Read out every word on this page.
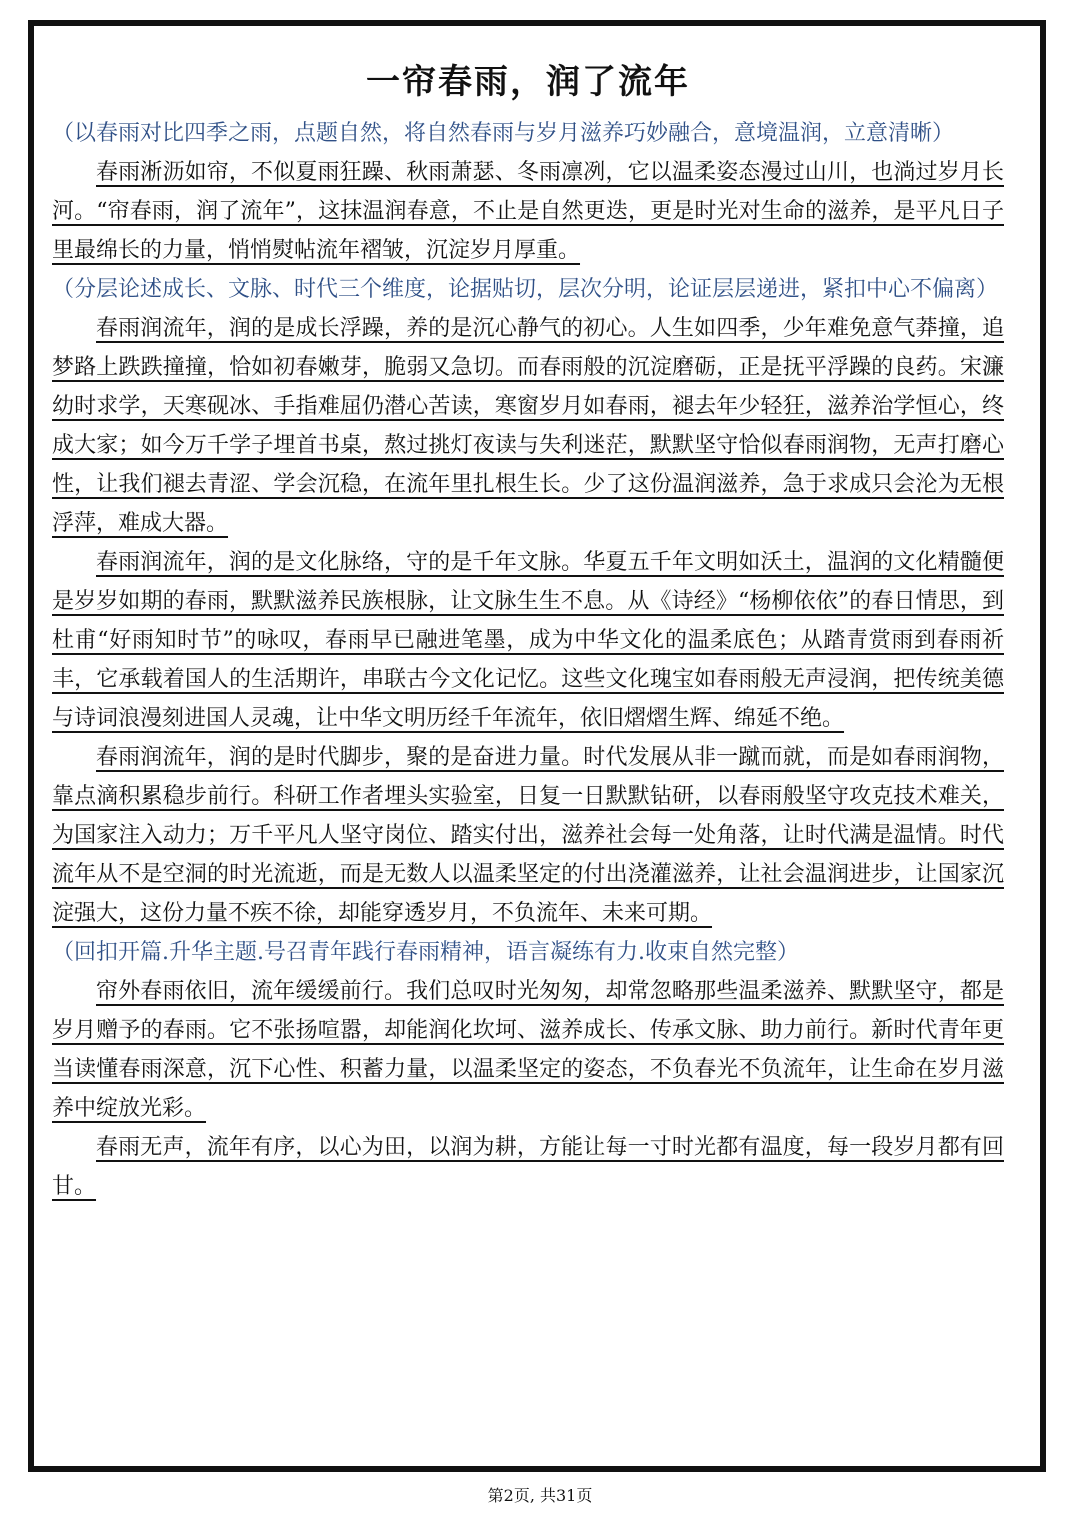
一帘春雨，润了流年

（以春雨对比四季之雨，点题自然，将自然春雨与岁月滋养巧妙融合，意境温润，立意清晰）

春雨淅沥如帘，不似夏雨狂躁、秋雨萧瑟、冬雨凛冽，它以温柔姿态漫过山川，也淌过岁月长河。“帘春雨，润了流年”，这抹温润春意，不止是自然更迭，更是时光对生命的滋养，是平凡日子里最绵长的力量，悄悄熨帖流年褶皱，沉淀岁月厚重。

（分层论述成长、文脉、时代三个维度，论据贴切，层次分明，论证层层递进，紧扣中心不偏离）

春雨润流年，润的是成长浮躁，养的是沉心静气的初心。人生如四季，少年难免意气莽撞，追梦路上跌跌撞撞，恰如初春嫩芽，脆弱又急切。而春雨般的沉淀磨砺，正是抚平浮躁的良药。宋濂幼时求学，天寒砚冰、手指难屈仍潜心苦读，寒窗岁月如春雨，褪去年少轻狂，滋养治学恒心，终成大家；如今万千学子埋首书桌，熬过挑灯夜读与失利迷茫，默默坚守恰似春雨润物，无声打磨心性，让我们褪去青涩、学会沉稳，在流年里扎根生长。少了这份温润滋养，急于求成只会沦为无根浮萍，难成大器。

春雨润流年，润的是文化脉络，守的是千年文脉。华夏五千年文明如沃土，温润的文化精髓便是岁岁如期的春雨，默默滋养民族根脉，让文脉生生不息。从《诗经》“杨柳依依”的春日情思，到杜甫“好雨知时节”的咏叹，春雨早已融进笔墨，成为中华文化的温柔底色；从踏青赏雨到春雨祈丰，它承载着国人的生活期许，串联古今文化记忆。这些文化瑰宝如春雨般无声浸润，把传统美德与诗词浪漫刻进国人灵魂，让中华文明历经千年流年，依旧熠熠生辉、绵延不绝。

春雨润流年，润的是时代脚步，聚的是奋进力量。时代发展从非一蹴而就，而是如春雨润物，靠点滴积累稳步前行。科研工作者埋头实验室，日复一日默默钻研，以春雨般坚守攻克技术难关，为国家注入动力；万千平凡人坚守岗位、踏实付出，滋养社会每一处角落，让时代满是温情。时代流年从不是空洞的时光流逝，而是无数人以温柔坚定的付出浇灌滋养，让社会温润进步，让国家沉淀强大，这份力量不疾不徐，却能穿透岁月，不负流年、未来可期。

（回扣开篇.升华主题.号召青年践行春雨精神，语言凝练有力.收束自然完整）

帘外春雨依旧，流年缓缓前行。我们总叹时光匆匆，却常忽略那些温柔滋养、默默坚守，都是岁月赠予的春雨。它不张扬喧嚣，却能润化坎坷、滋养成长、传承文脉、助力前行。新时代青年更当读懂春雨深意，沉下心性、积蓄力量，以温柔坚定的姿态，不负春光不负流年，让生命在岁月滋养中绽放光彩。

春雨无声，流年有序，以心为田，以润为耕，方能让每一寸时光都有温度，每一段岁月都有回甘。

第2页, 共31页
